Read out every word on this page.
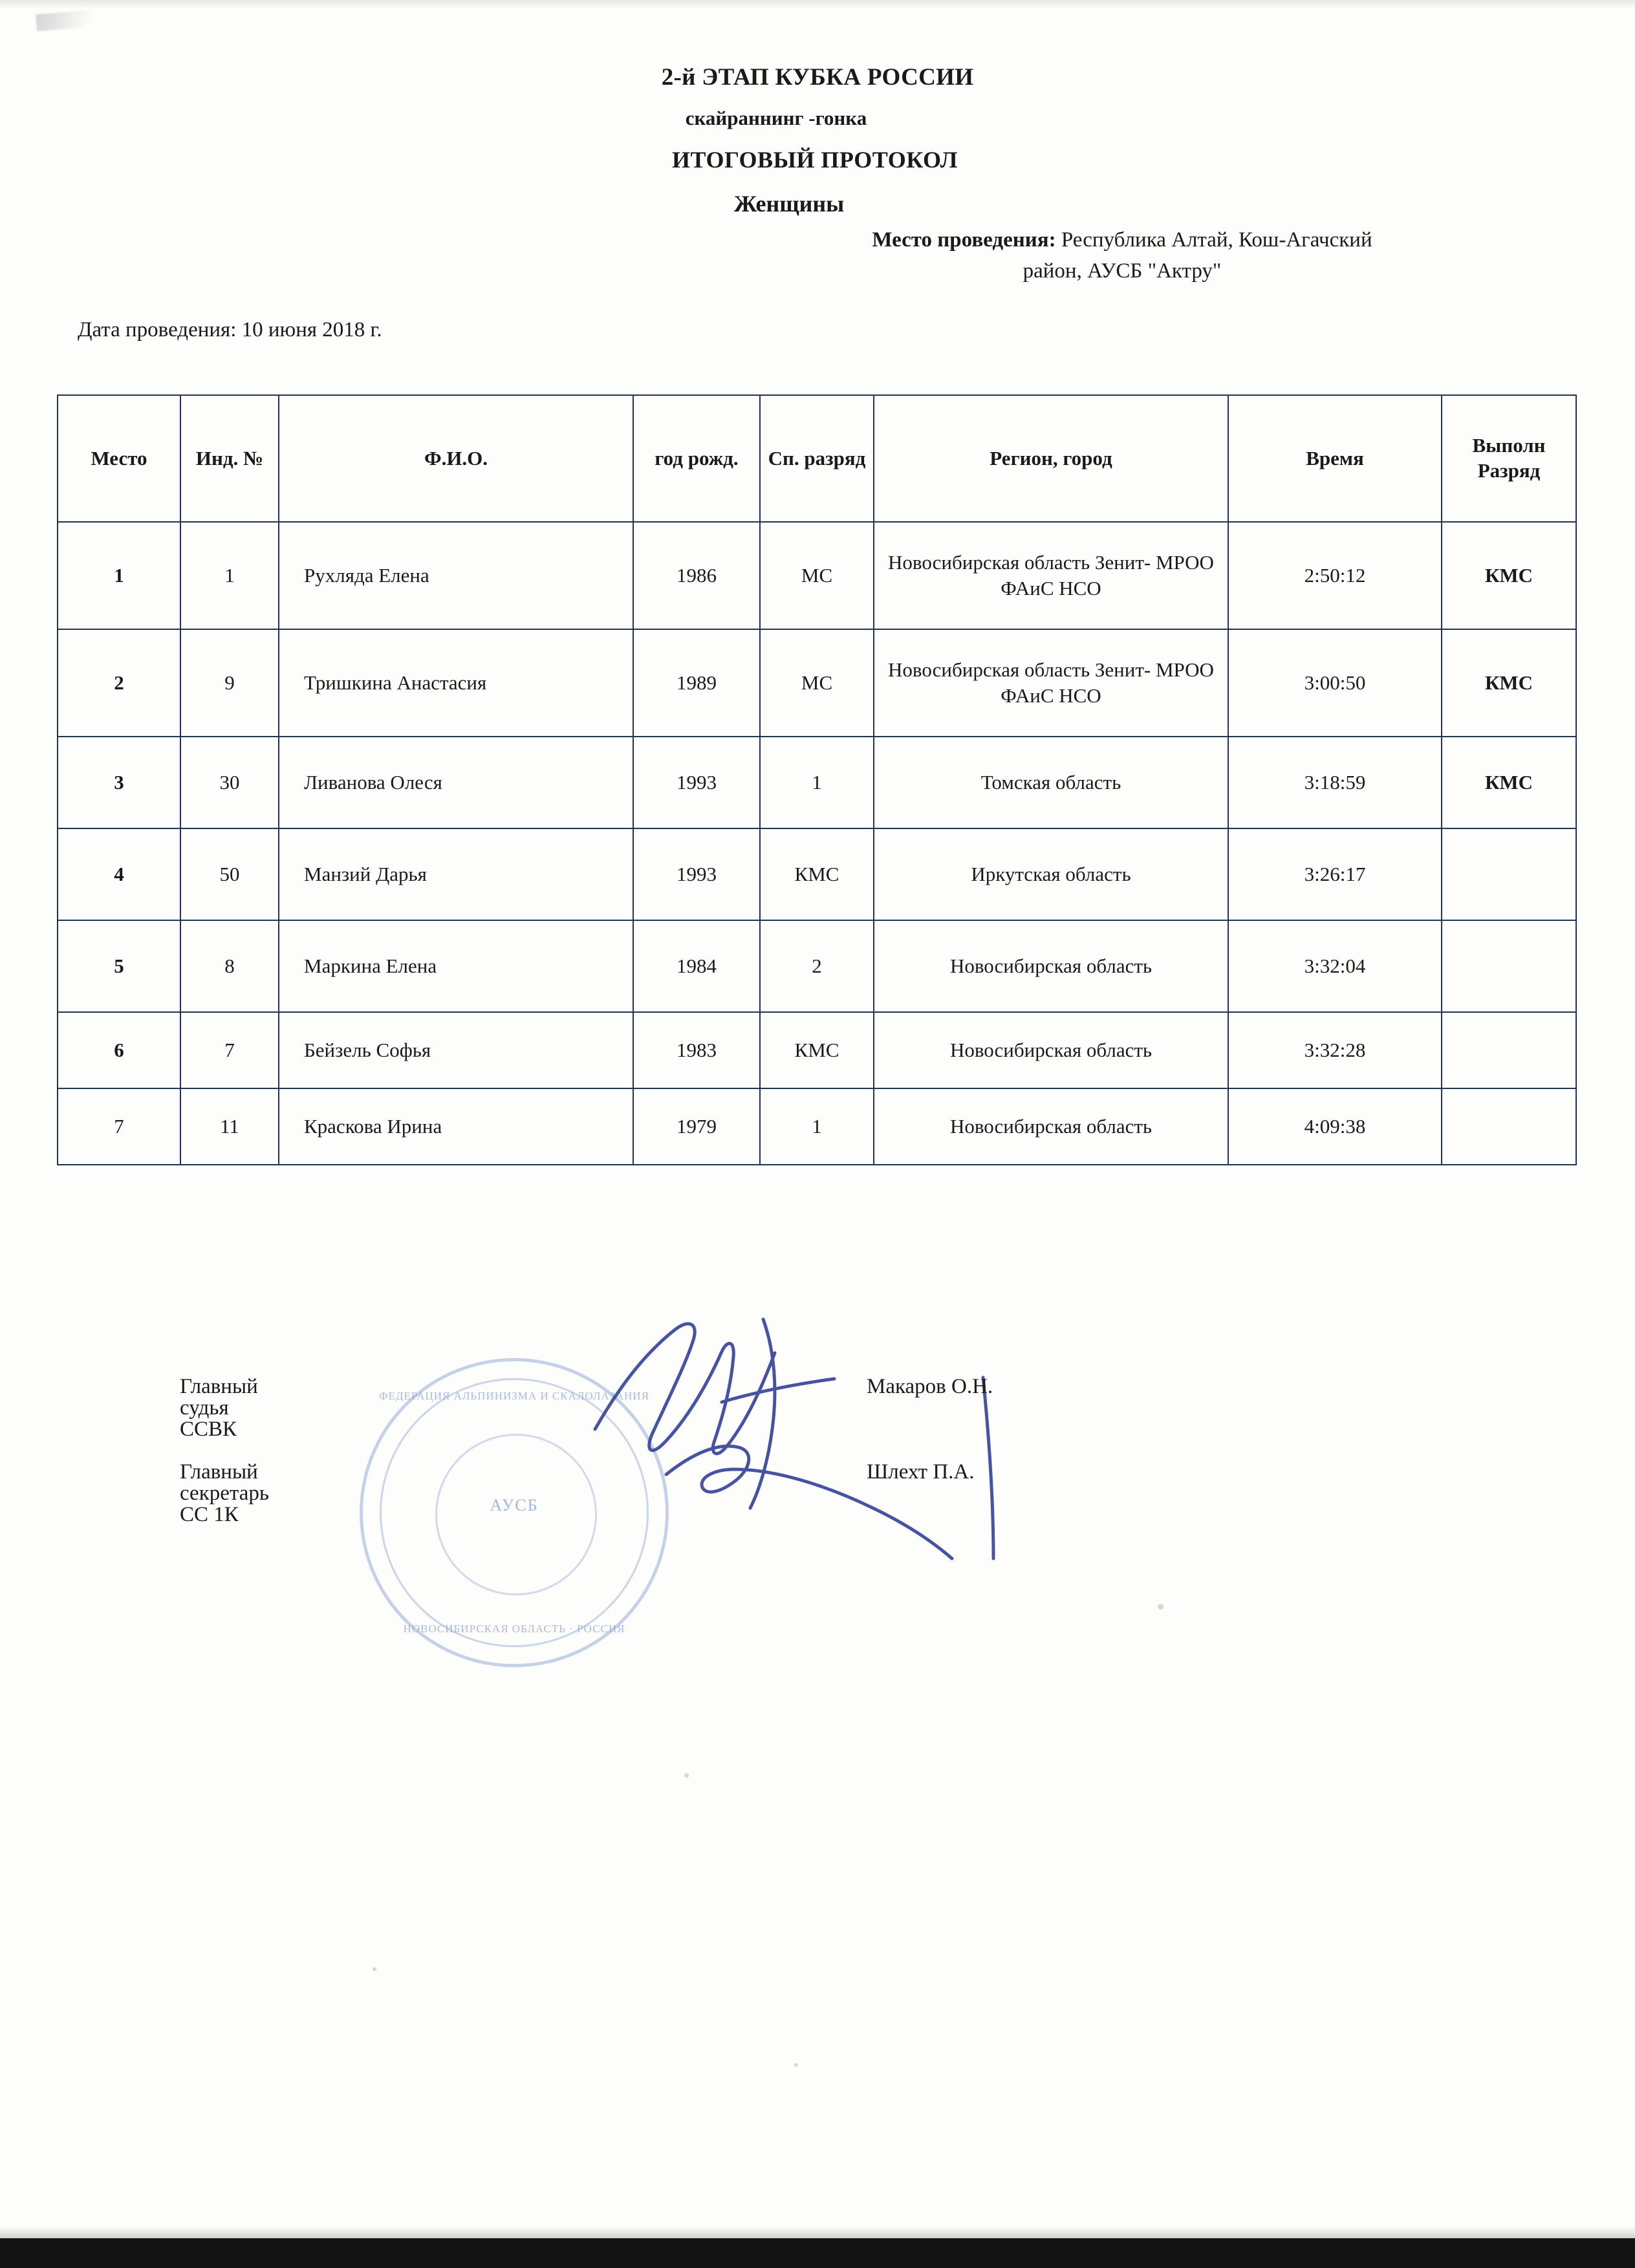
2-й ЭТАП КУБКА РОССИИ
скайраннинг -гонка
ИТОГОВЫЙ ПРОТОКОЛ
Женщины
Место проведения: Республика Алтай, Кош-Агачский район, АУСБ "Актру"
Дата проведения: 10 июня 2018 г.
Место	Инд. №	Ф.И.О.	год рожд.	Сп. разряд	Регион, город	Время	Выполн Разряд
1	1	Рухляда Елена	1986	МС	Новосибирская область Зенит- МРОО ФАиС НСО	2:50:12	КМС
2	9	Тришкина Анастасия	1989	МС	Новосибирская область Зенит- МРОО ФАиС НСО	3:00:50	КМС
3	30	Ливанова Олеся	1993	1	Томская область	3:18:59	КМС
4	50	Манзий Дарья	1993	КМС	Иркутская область	3:26:17	
5	8	Маркина Елена	1984	2	Новосибирская область	3:32:04	
6	7	Бейзель Софья	1983	КМС	Новосибирская область	3:32:28	
7	11	Краскова Ирина	1979	1	Новосибирская область	4:09:38	
ФЕДЕРАЦИЯ АЛЬПИНИЗМА И СКАЛОЛАЗАНИЯ
АУСБ
НОВОСИБИРСКАЯ ОБЛАСТЬ · РОССИЯ
Главный судья ССВК
Макаров О.Н.
Главный секретарь СС 1К
Шлехт П.А.
